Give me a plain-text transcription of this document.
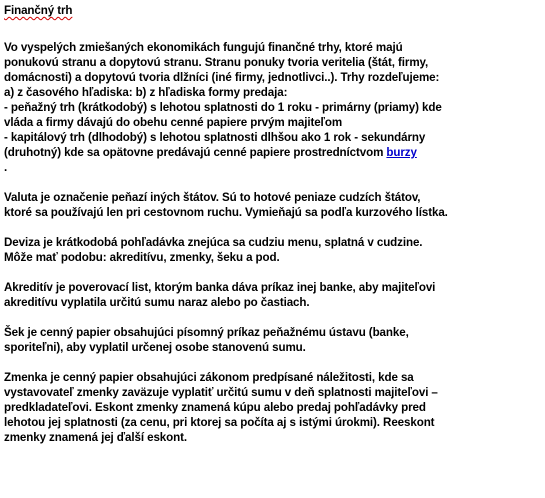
Finančný trh

Vo vyspelých zmiešaných ekonomikách fungujú finančné trhy, ktoré majú
ponukovú stranu a dopytovú stranu. Stranu ponuky tvoria veritelia (štát, firmy,
domácnosti) a dopytovú tvoria dlžníci (iné firmy, jednotlivci..). Trhy rozdeľujeme:
a) z časového hľadiska: b) z hľadiska formy predaja:
- peňažný trh (krátkodobý) s lehotou splatnosti do 1 roku - primárny (priamy) kde
vláda a firmy dávajú do obehu cenné papiere prvým majiteľom
- kapitálový trh (dlhodobý) s lehotou splatnosti dlhšou ako 1 rok - sekundárny
(druhotný) kde sa opätovne predávajú cenné papiere prostredníctvom burzy
.

Valuta je označenie peňazí iných štátov. Sú to hotové peniaze cudzích štátov,
ktoré sa používajú len pri cestovnom ruchu. Vymieňajú sa podľa kurzového lístka.

Deviza je krátkodobá pohľadávka znejúca sa cudziu menu, splatná v cudzine.
Môže mať podobu: akreditívu, zmenky, šeku a pod.

Akreditív je poverovací list, ktorým banka dáva príkaz inej banke, aby majiteľovi
akreditívu vyplatila určitú sumu naraz alebo po častiach.

Šek je cenný papier obsahujúci písomný príkaz peňažnému ústavu (banke,
sporiteľni), aby vyplatil určenej osobe stanovenú sumu.

Zmenka je cenný papier obsahujúci zákonom predpísané náležitosti, kde sa
vystavovateľ zmenky zaväzuje vyplatiť určitú sumu v deň splatnosti majiteľovi –
predkladateľovi. Eskont zmenky znamená kúpu alebo predaj pohľadávky pred
lehotou jej splatnosti (za cenu, pri ktorej sa počíta aj s istými úrokmi). Reeskont
zmenky znamená jej ďalší eskont.
